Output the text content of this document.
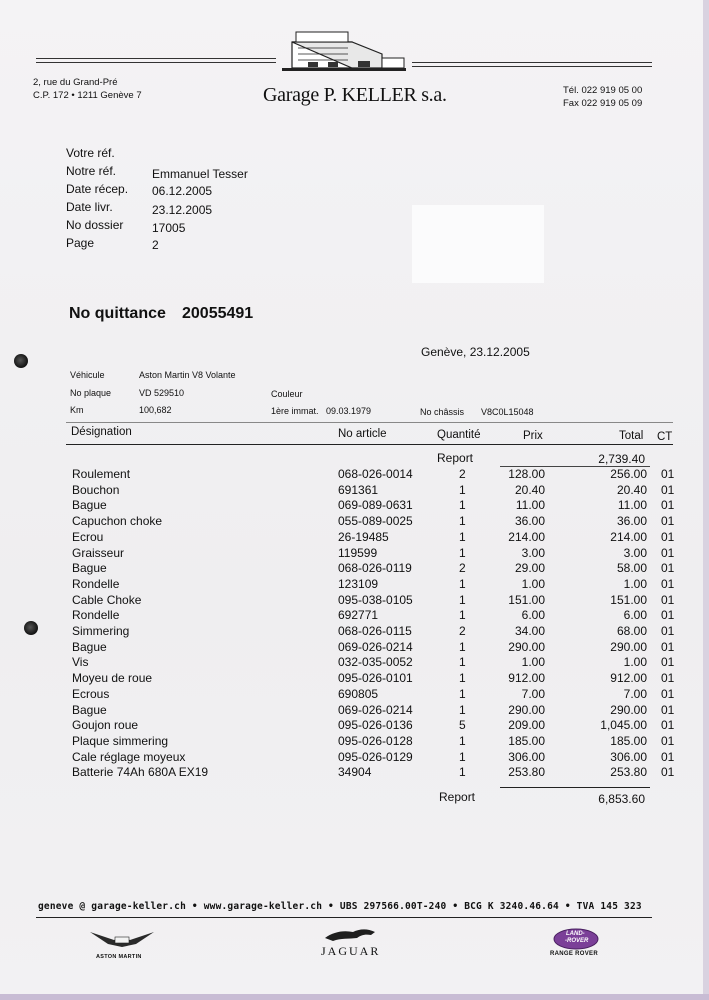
2, rue du Grand-Pré
C.P. 172 • 1211 Genève 7	Garage P. KELLER s.a.	Tél. 022 919 05 00
Fax 022 919 05 09
Votre réf.
Notre réf.	Emmanuel Tesser
Date récep. 06.12.2005
Date livr.	23.12.2005
No dossier 17005
Page	2
No quittance 20055491
Genève, 23.12.2005
Véhicule	Aston Martin V8 Volante
No plaque	VD 529510	Couleur
Km	100,682	1ère immat. 09.03.1979	No châssis V8C0L15048
Désignation	No article	Quantité	Prix	Total CT
Report	2,739.40
Roulement	068-026-0014	2	128.00	256.00 01
Bouchon	691361	1	20.40	20.40 01
Bague	069-089-0631	1	11.00	11.00 01
Capuchon choke	055-089-0025	1	36.00	36.00 01
Ecrou	26-19485	1	214.00	214.00 01
Graisseur	119599	1	3.00	3.00 01
Bague	068-026-0119	2	29.00	58.00 01
Rondelle	123109	1	1.00	1.00 01
Cable Choke	095-038-0105	1	151.00	151.00 01
Rondelle	692771	1	6.00	6.00 01
Simmering	068-026-0115	2	34.00	68.00 01
Bague	069-026-0214	1	290.00	290.00 01
Vis	032-035-0052	1	1.00	1.00 01
Moyeu de roue	095-026-0101	1	912.00	912.00 01
Ecrous	690805	1	7.00	7.00 01
Bague	069-026-0214	1	290.00	290.00 01
Goujon roue	095-026-0136	5	209.00	1,045.00 01
Plaque simmering	095-026-0128	1	185.00	185.00 01
Cale réglage moyeux	095-026-0129	1	306.00	306.00 01
Batterie 74Ah 680A EX19	34904	1	253.80	253.80 01
Report	6,853.60
geneve @ garage-keller.ch • www.garage-keller.ch • UBS 297566.00T-240 • BCG K 3240.46.64 • TVA 145 323
ASTON MARTIN	JAGUAR
LAND-
-ROVER
RANGE ROVER
